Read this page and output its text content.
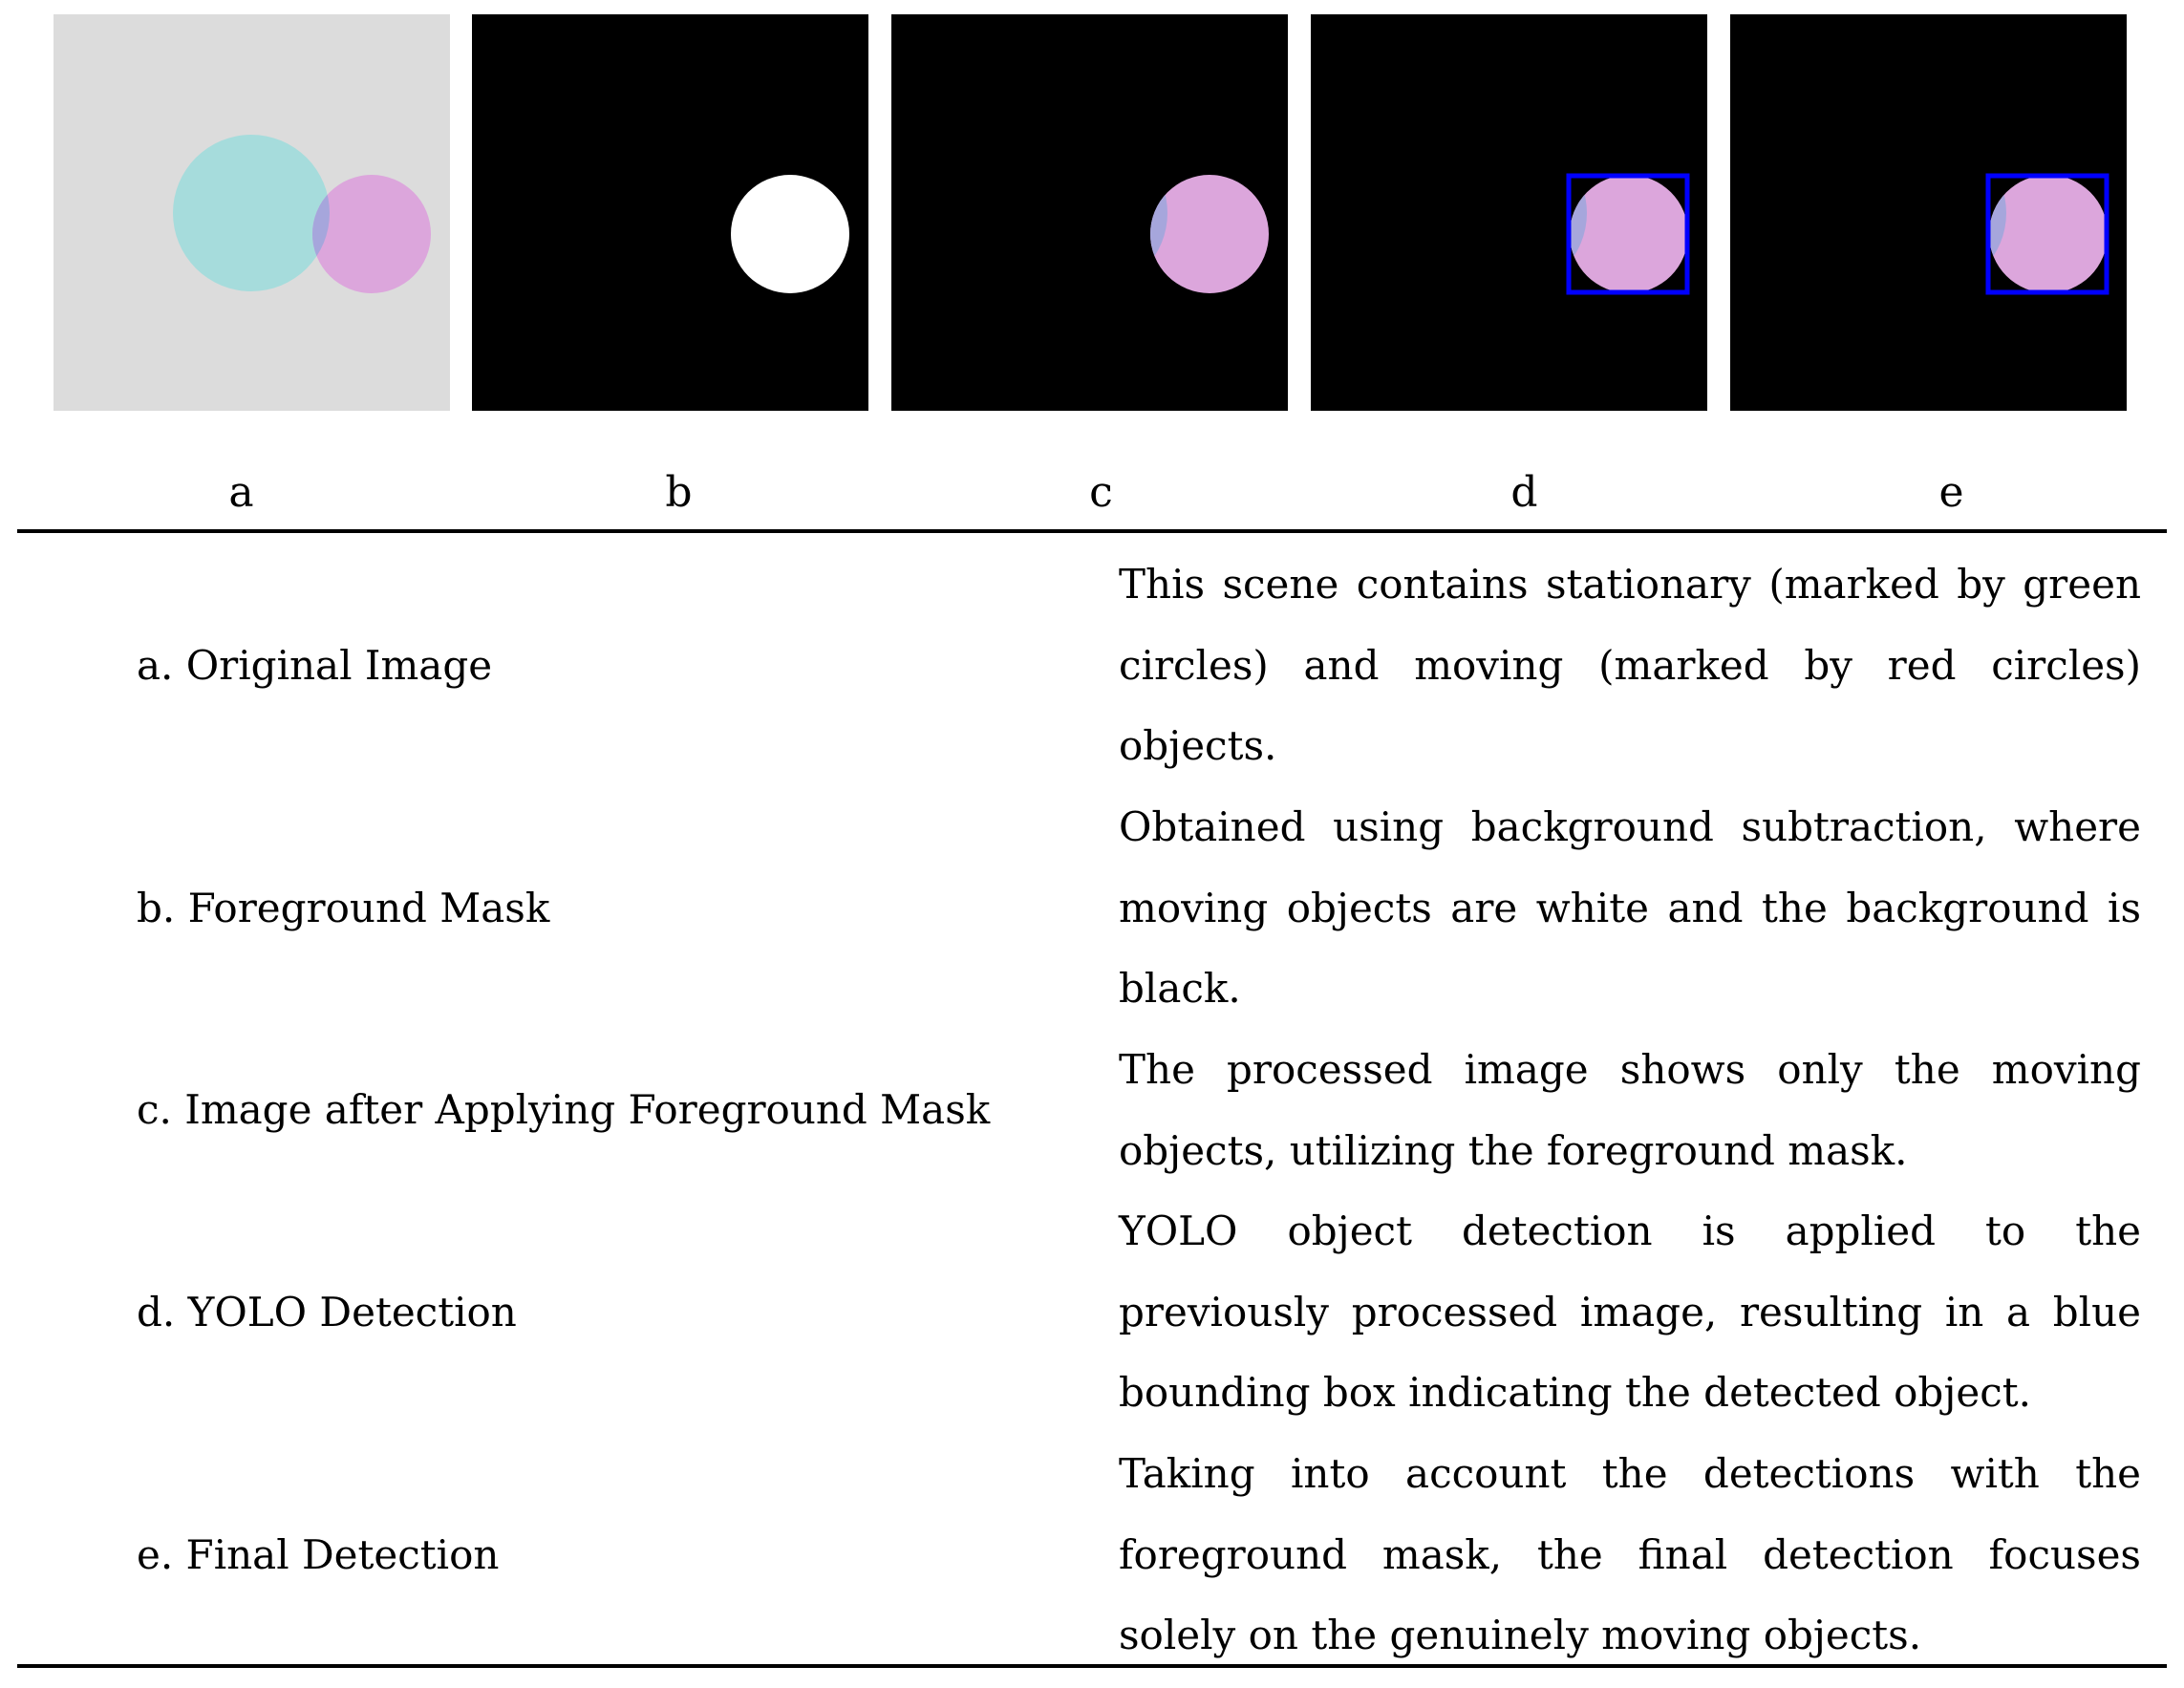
a	b	c	d	e
a. Original Image
This scene contains stationary (marked by green circles) and moving (marked by red circles) objects.
b. Foreground Mask
Obtained using background subtraction, where moving objects are white and the background is black.
c. Image after Applying Foreground Mask
The processed image shows only the moving objects, utilizing the foreground mask.
d. YOLO Detection
YOLO object detection is applied to the previously processed image, resulting in a blue bounding box indicating the detected object.
e. Final Detection
Taking into account the detections with the foreground mask, the final detection focuses solely on the genuinely moving objects.
